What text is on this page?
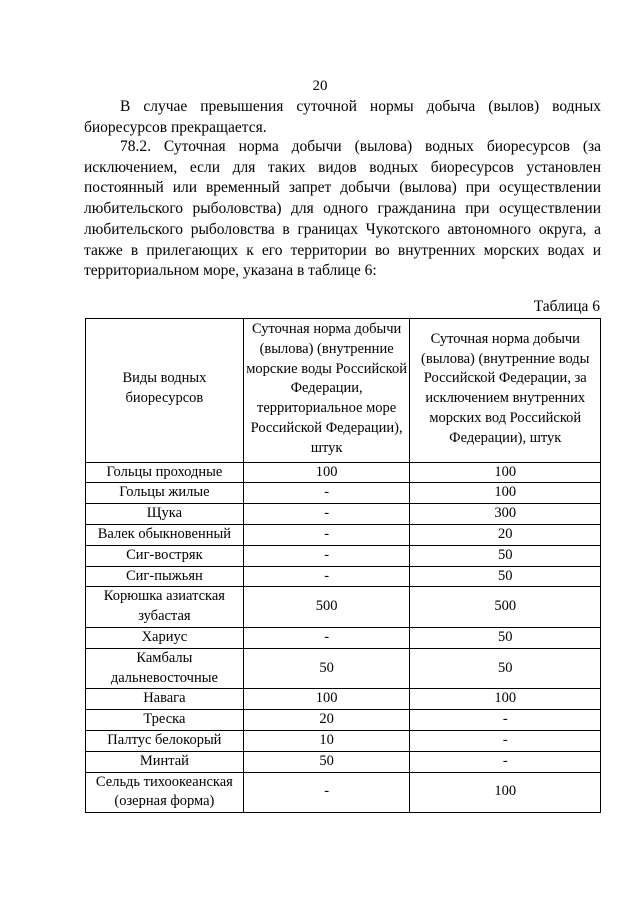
20

В случае превышения суточной нормы добыча (вылов) водных биоресурсов прекращается.

78.2. Суточная норма добычи (вылова) водных биоресурсов (за исключением, если для таких видов водных биоресурсов установлен постоянный или временный запрет добычи (вылова) при осуществлении любительского рыболовства) для одного гражданина при осуществлении любительского рыболовства в границах Чукотского автономного округа, а также в прилегающих к его территории во внутренних морских водах и территориальном море, указана в таблице 6:

Таблица 6
Виды водных биоресурсов	Суточная норма добычи (вылова) (внутренние морские воды Российской Федерации, территориальное море Российской Федерации), штук	Суточная норма добычи (вылова) (внутренние воды Российской Федерации, за исключением внутренних морских вод Российской Федерации), штук
Гольцы проходные	100	100
Гольцы жилые	-	100
Щука	-	300
Валек обыкновенный	-	20
Сиг-востряк	-	50
Сиг-пыжьян	-	50
Корюшка азиатская зубастая	500	500
Хариус	-	50
Камбалы дальневосточные	50	50
Навага	100	100
Треска	20	-
Палтус белокорый	10	-
Минтай	50	-
Сельдь тихоокеанская (озерная форма)	-	100
